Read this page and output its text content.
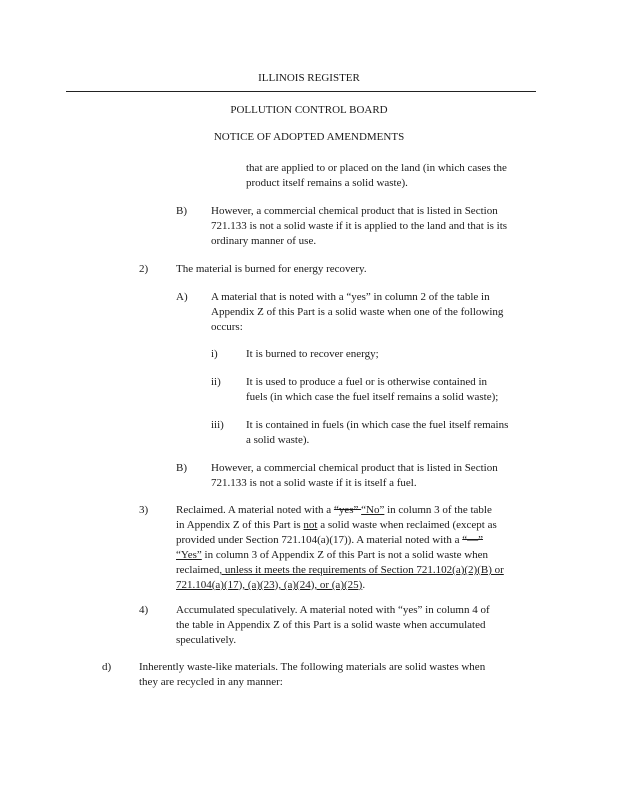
ILLINOIS REGISTER
POLLUTION CONTROL BOARD
NOTICE OF ADOPTED AMENDMENTS
that are applied to or placed on the land (in which cases the
product itself remains a solid waste).
B) However, a commercial chemical product that is listed in Section
721.133 is not a solid waste if it is applied to the land and that is its
ordinary manner of use.
2)	The material is burned for energy recovery.
A) A material that is noted with a “yes” in column 2 of the table in
Appendix Z of this Part is a solid waste when one of the following
occurs:
i)	It is burned to recover energy;
ii) It is used to produce a fuel or is otherwise contained in
fuels (in which case the fuel itself remains a solid waste);
iii) It is contained in fuels (in which case the fuel itself remains
a solid waste).
B) However, a commercial chemical product that is listed in Section
721.133 is not a solid waste if it is itself a fuel.
3)	Reclaimed. A material noted with a “yes” “No” in column 3 of the table
in Appendix Z of this Part is not a solid waste when reclaimed (except as
provided under Section 721.104(a)(17)). A material noted with a “—”
“Yes” in column 3 of Appendix Z of this Part is not a solid waste when
reclaimed, unless it meets the requirements of Section 721.102(a)(2)(B) or
721.104(a)(17), (a)(23), (a)(24), or (a)(25).
4)	Accumulated speculatively. A material noted with “yes” in column 4 of
the table in Appendix Z of this Part is a solid waste when accumulated
speculatively.
d)	Inherently waste-like materials. The following materials are solid wastes when
they are recycled in any manner:
